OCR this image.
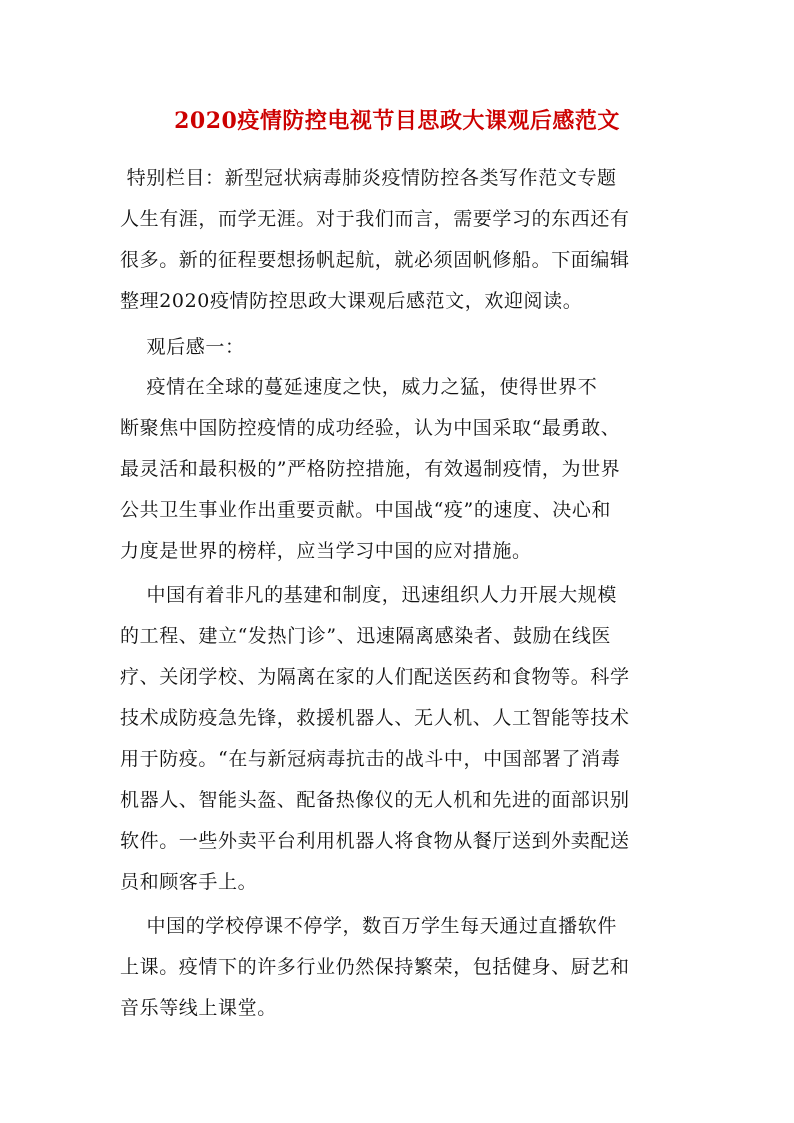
2020疫情防控电视节目思政大课观后感范文
特别栏目：新型冠状病毒肺炎疫情防控各类写作范文专题
人生有涯，而学无涯。对于我们而言，需要学习的东西还有
很多。新的征程要想扬帆起航，就必须固帆修船。下面编辑
整理2020疫情防控思政大课观后感范文，欢迎阅读。
观后感一：
疫情在全球的蔓延速度之快，威力之猛，使得世界不
断聚焦中国防控疫情的成功经验，认为中国采取“最勇敢、
最灵活和最积极的”严格防控措施，有效遏制疫情，为世界
公共卫生事业作出重要贡献。中国战“疫”的速度、决心和
力度是世界的榜样，应当学习中国的应对措施。
中国有着非凡的基建和制度，迅速组织人力开展大规模
的工程、建立“发热门诊”、迅速隔离感染者、鼓励在线医
疗、关闭学校、为隔离在家的人们配送医药和食物等。科学
技术成防疫急先锋，救援机器人、无人机、人工智能等技术
用于防疫。“在与新冠病毒抗击的战斗中，中国部署了消毒
机器人、智能头盔、配备热像仪的无人机和先进的面部识别
软件。一些外卖平台利用机器人将食物从餐厅送到外卖配送
员和顾客手上。
中国的学校停课不停学，数百万学生每天通过直播软件
上课。疫情下的许多行业仍然保持繁荣，包括健身、厨艺和
音乐等线上课堂。
